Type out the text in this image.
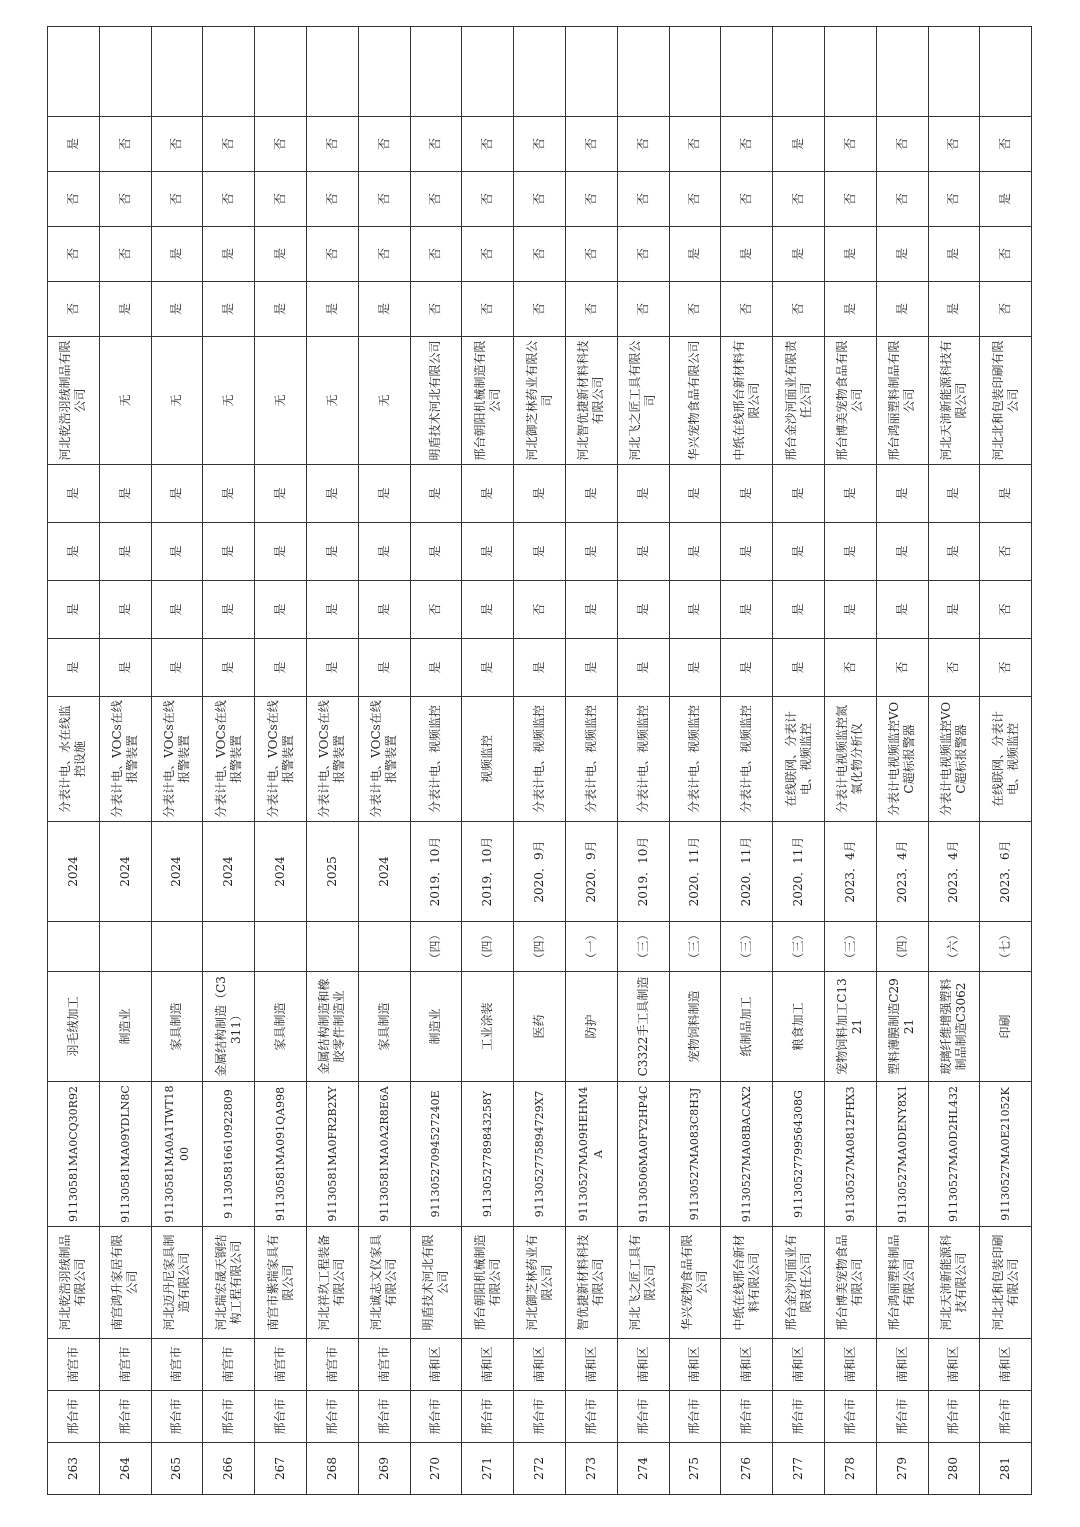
263	邢台市	南宫市	河北乾浩羽绒制品有限公司	91130581MA0CQ30R92	羽毛绒加工		2024	分表计电、水在线监控设施	是	是	是	是	河北乾浩羽绒制品有限公司	否	否	否	是	
264	邢台市	南宫市	南宫鸿升家居有限公司	91130581MA09YDLN8C	制造业		2024	分表计电、VOCs在线报警装置	是	是	是	是	无	是	否	否	否	
265	邢台市	南宫市	河北迈丹尼家具制造有限公司	91130581MA0A1TWT1800	家具制造		2024	分表计电、VOCs在线报警装置	是	是	是	是	无	是	是	否	否	
266	邢台市	南宫市	河北瑞宏晟天钢结构工程有限公司	9 11305816610922809	金属结构制造（C3311）		2024	分表计电、VOCs在线报警装置	是	是	是	是	无	是	是	否	否	
267	邢台市	南宫市	南宫市紫瑞家具有限公司	91130581MA091QA998	家具制造		2024	分表计电、VOCs在线报警装置	是	是	是	是	无	是	是	否	否	
268	邢台市	南宫市	河北祥玖工程装备有限公司	91130581MA0FR2B2XY	金属结构制造和橡胶零件制造业		2025	分表计电、VOCs在线报警装置	是	是	是	是	无	是	否	否	否	
269	邢台市	南宫市	河北诚志文仪家具有限公司	91130581MA0A2R8E6A	家具制造		2024	分表计电、VOCs在线报警装置	是	是	是	是	无	是	否	否	否	
270	邢台市	南和区	明盾技术河北有限公司	911305270945272​40E	制造业	（四）	2019．10月	分表计电、视频监控	是	否	是	是	明盾技术河北有限公司	否	否	否	否	
271	邢台市	南和区	邢台朝阳机械制造有限公司	91130527789843258Y	工业涂装	（四）	2019．10月	视频监控	是	是	是	是	邢台朝阳机械制造有限公司	否	否	否	否	
272	邢台市	南和区	河北御芝林药业有限公司	91130527758947​29X7	医药	（四）	2020．9月	分表计电、视频监控	是	否	是	是	河北御芝林药业有限公司	否	否	否	否	
273	邢台市	南和区	智优捷新材料科技有限公司	91130527MA09HEHM4A	防护	（一）	2020．9月	分表计电、视频监控	是	是	是	是	河北智优捷新材料科技有限公司	否	否	否	否	
274	邢台市	南和区	河北飞之匠工具有限公司	91130506MA0FY2HP4C	C3322手工具制造	（三）	2019．10月	分表计电、视频监控	是	是	是	是	河北飞之匠工具有限公司	否	否	否	否	
275	邢台市	南和区	华兴宠物食品有限公司	91130527MA083C8H3J	宠物饲料制造	（三）	2020．11月	分表计电、视频监控	是	是	是	是	华兴宠物食品有限公司	否	是	否	否	
276	邢台市	南和区	中纸在线邢台新材料有限公司	91130527MA08BACAX2	纸制品加工	（三）	2020．11月	分表计电、视频监控	是	是	是	是	中纸在线邢台新材料有限公司	否	是	否	否	
277	邢台市	南和区	邢台金沙河面业有限责任公司	911305277995643​08G	粮食加工	（三）	2020．11月	在线联网、分表计电、视频监控	是	是	是	是	邢台金沙河面业有限责任公司	否	是	否	是	
278	邢台市	南和区	邢台博美宠物食品有限公司	91130527MA0812FHX3	宠物饲料加工C1321	（三）	2023．4月	分表计电视频监控氮氧化物分析仪	否	是	是	是	邢台博美宠物食品有限公司	是	是	否	否	
279	邢台市	南和区	邢台鸿丽塑料制品有限公司	91130527MA0DENY8X1	塑料薄膜制造C2921	（四）	2023．4月	分表计电视频监控VOC超标报警器	否	是	是	是	邢台鸿丽塑料制品有限公司	是	是	否	否	
280	邢台市	南和区	河北天沛新能源科技有限公司	91130527MA0D2HL432	玻璃纤维增强塑料制品制造C3062	（六）	2023．4月	分表计电视频监控VOC超标报警器	否	是	是	是	河北天沛新能源科技有限公司	是	是	否	否	
281	邢台市	南和区	河北北和包装印刷有限公司	91130527MA0E21052K	印刷	（七）	2023．6月	在线联网、分表计电、视频监控	否	否	否	是	河北北和包装印刷有限公司	否	否	是	否	
